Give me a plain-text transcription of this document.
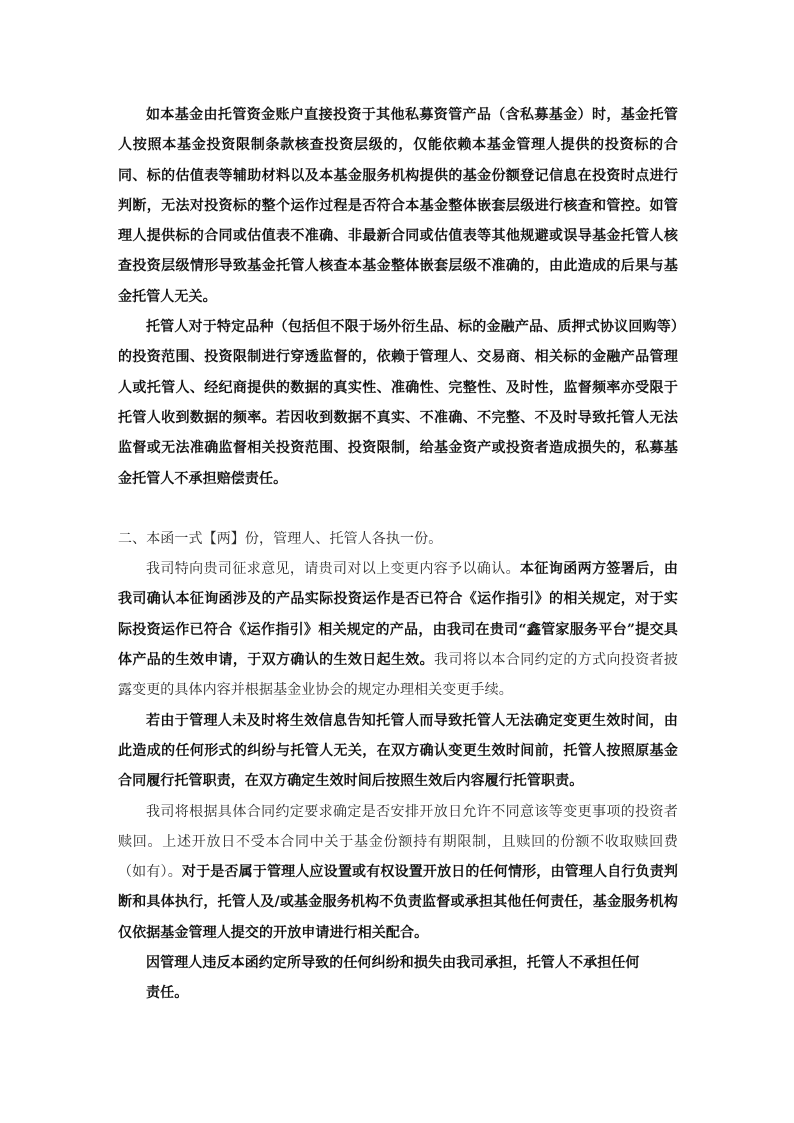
如本基金由托管资金账户直接投资于其他私募资管产品（含私募基金）时，基金托管人按照本基金投资限制条款核查投资层级的，仅能依赖本基金管理人提供的投资标的合同、标的估值表等辅助材料以及本基金服务机构提供的基金份额登记信息在投资时点进行判断，无法对投资标的整个运作过程是否符合本基金整体嵌套层级进行核查和管控。如管理人提供标的合同或估值表不准确、非最新合同或估值表等其他规避或误导基金托管人核查投资层级情形导致基金托管人核查本基金整体嵌套层级不准确的，由此造成的后果与基金托管人无关。

托管人对于特定品种（包括但不限于场外衍生品、标的金融产品、质押式协议回购等）的投资范围、投资限制进行穿透监督的，依赖于管理人、交易商、相关标的金融产品管理人或托管人、经纪商提供的数据的真实性、准确性、完整性、及时性，监督频率亦受限于托管人收到数据的频率。若因收到数据不真实、不准确、不完整、不及时导致托管人无法监督或无法准确监督相关投资范围、投资限制，给基金资产或投资者造成损失的，私募基金托管人不承担赔偿责任。

二、本函一式【两】份，管理人、托管人各执一份。

我司特向贵司征求意见，请贵司对以上变更内容予以确认。本征询函两方签署后，由我司确认本征询函涉及的产品实际投资运作是否已符合《运作指引》的相关规定，对于实际投资运作已符合《运作指引》相关规定的产品，由我司在贵司“鑫管家服务平台”提交具体产品的生效申请，于双方确认的生效日起生效。我司将以本合同约定的方式向投资者披露变更的具体内容并根据基金业协会的规定办理相关变更手续。

若由于管理人未及时将生效信息告知托管人而导致托管人无法确定变更生效时间，由此造成的任何形式的纠纷与托管人无关，在双方确认变更生效时间前，托管人按照原基金合同履行托管职责，在双方确定生效时间后按照生效后内容履行托管职责。

我司将根据具体合同约定要求确定是否安排开放日允许不同意该等变更事项的投资者赎回。上述开放日不受本合同中关于基金份额持有期限制，且赎回的份额不收取赎回费（如有）。对于是否属于管理人应设置或有权设置开放日的任何情形，由管理人自行负责判断和具体执行，托管人及/或基金服务机构不负责监督或承担其他任何责任，基金服务机构仅依据基金管理人提交的开放申请进行相关配合。

因管理人违反本函约定所导致的任何纠纷和损失由我司承担，托管人不承担任何
责任。
